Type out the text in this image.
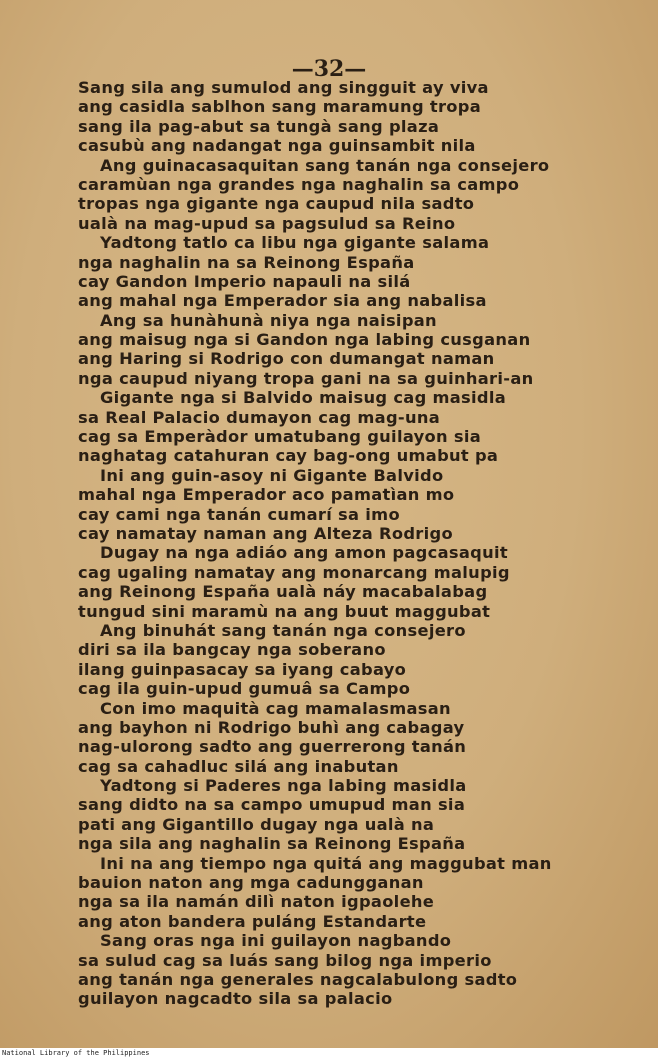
—32—
Sang sila ang sumulod ang singguit ay viva
ang casidla sablhon sang maramung tropa
sang ila pag-abut sa tungà sang plaza
casubù ang nadangat nga guinsambit nila
Ang guinacasaquitan sang tanán nga consejero
caramùan nga grandes nga naghalin sa campo
tropas nga gigante nga caupud nila sadto
ualà na mag-upud sa pagsulud sa Reino
Yadtong tatlo ca libu nga gigante salama
nga naghalin na sa Reinong España
cay Gandon Imperio napauli na silá
ang mahal nga Emperador sia ang nabalisa
Ang sa hunàhunà niya nga naisipan
ang maisug nga si Gandon nga labing cusganan
ang Haring si Rodrigo con dumangat naman
nga caupud niyang tropa gani na sa guinhari-an
Gigante nga si Balvido maisug cag masidla
sa Real Palacio dumayon cag mag-una
cag sa Emperàdor umatubang guilayon sia
naghatag catahuran cay bag-ong umabut pa
Ini ang guin-asoy ni Gigante Balvido
mahal nga Emperador aco pamatìan mo
cay cami nga tanán cumarí sa imo
cay namatay naman ang Alteza Rodrigo
Dugay na nga adiáo ang amon pagcasaquit
cag ugaling namatay ang monarcang malupig
ang Reinong España ualà náy macabalabag
tungud sini maramù na ang buut maggubat
Ang binuhát sang tanán nga consejero
diri sa ila bangcay nga soberano
ilang guinpasacay sa iyang cabayo
cag ila guin-upud gumuâ sa Campo
Con imo maquità cag mamalasmasan
ang bayhon ni Rodrigo buhì ang cabagay
nag-ulorong sadto ang guerrerong tanán
cag sa cahadluc silá ang inabutan
Yadtong si Paderes nga labing masidla
sang didto na sa campo umupud man sia
pati ang Gigantillo dugay nga ualà na
nga sila ang naghalin sa Reinong España
Ini na ang tiempo nga quitá ang maggubat man
bauion naton ang mga cadungganan
nga sa ila namán dilì naton igpaolehe
ang aton bandera puláng Estandarte
Sang oras nga ini guilayon nagbando
sa sulud cag sa luás sang bilog nga imperio
ang tanán nga generales nagcalabulong sadto
guilayon nagcadto sila sa palacio
National Library of the Philippines
